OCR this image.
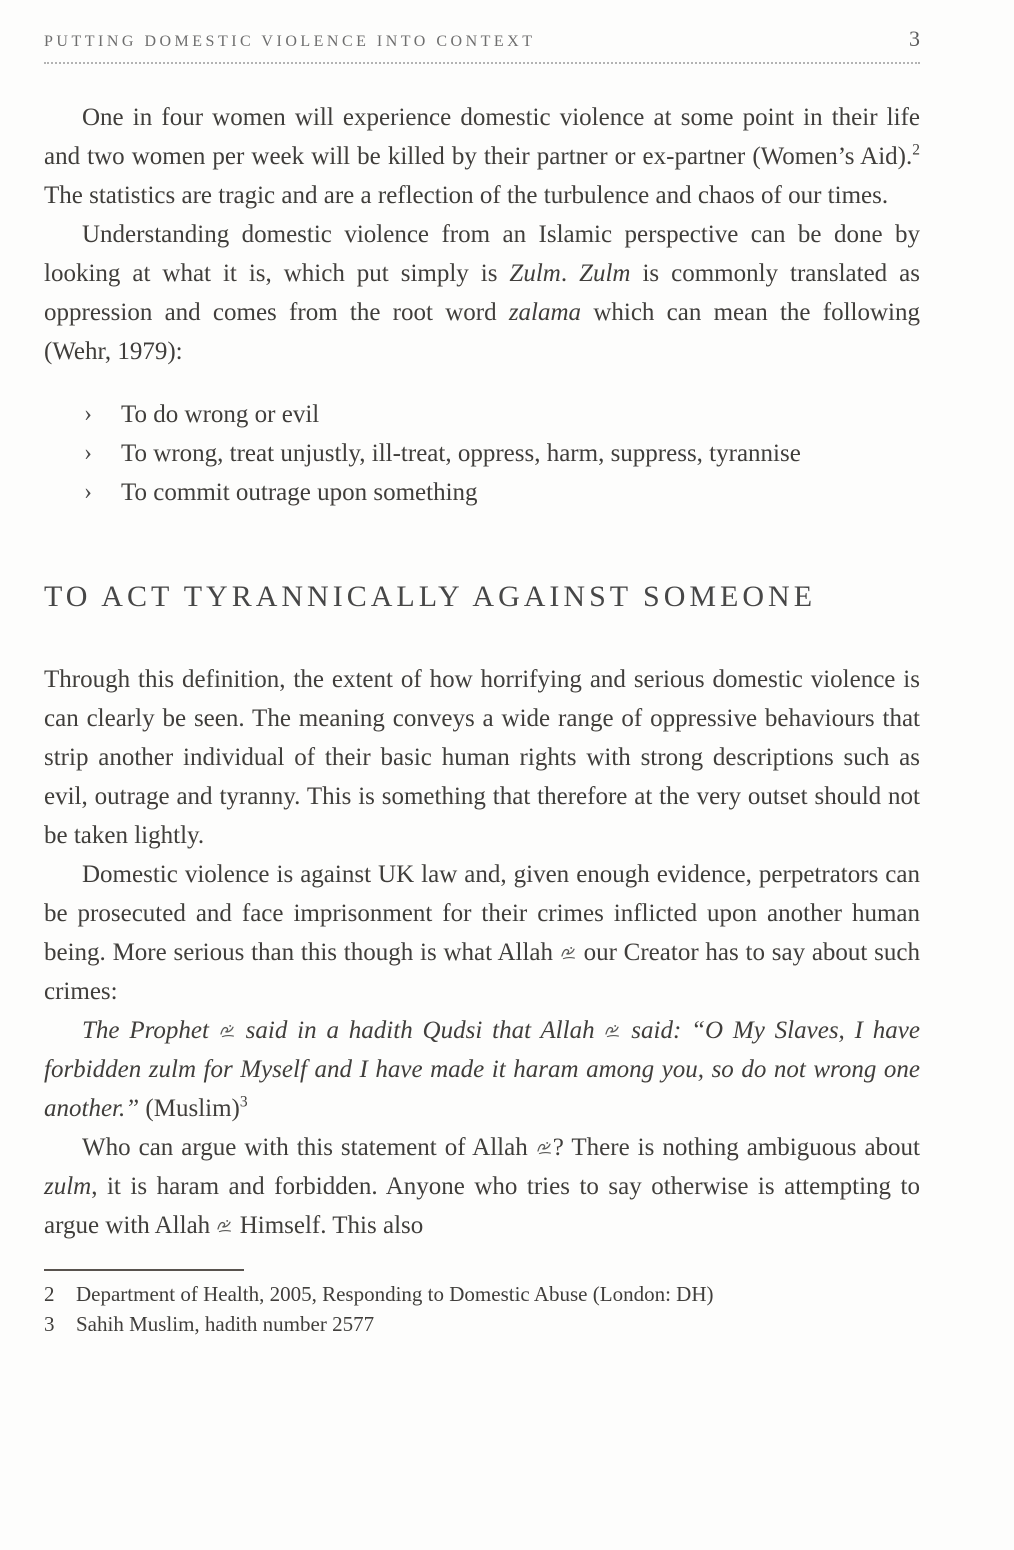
PUTTING DOMESTIC VIOLENCE INTO CONTEXT	3

One in four women will experience domestic violence at some point in their life and two women per week will be killed by their partner or ex-partner (Women’s Aid).$^2$ The statistics are tragic and are a reflection of the turbulence and chaos of our times.

Understanding domestic violence from an Islamic perspective can be done by looking at what it is, which put simply is Zulm. Zulm is commonly translated as oppression and comes from the root word zalama which can mean the following (Wehr, 1979):

›	To do wrong or evil
›	To wrong, treat unjustly, ill-treat, oppress, harm, suppress, tyrannise
›	To commit outrage upon something
TO ACT TYRANNICALLY AGAINST SOMEONE

Through this definition, the extent of how horrifying and serious domestic violence is can clearly be seen. The meaning conveys a wide range of oppressive behaviours that strip another individual of their basic human rights with strong descriptions such as evil, outrage and tyranny. This is something that therefore at the very outset should not be taken lightly.

Domestic violence is against UK law and, given enough evidence, perpetrators can be prosecuted and face imprisonment for their crimes inflicted upon another human being. More serious than this though is what Allah
our Creator has to say about such crimes:

The Prophet
said in a hadith Qudsi that Allah
said: “O My Slaves, I have forbidden zulm for Myself and I have made it haram among you, so do not wrong one another.” $(Muslim)^3$

Who can argue with this statement of Allah
? There is nothing ambiguous about zulm, it is haram and forbidden. Anyone who tries to say otherwise is attempting to argue with Allah
Himself. This also

2	Department of Health, 2005, Responding to Domestic Abuse (London: DH)
3	Sahih Muslim, hadith number 2577
